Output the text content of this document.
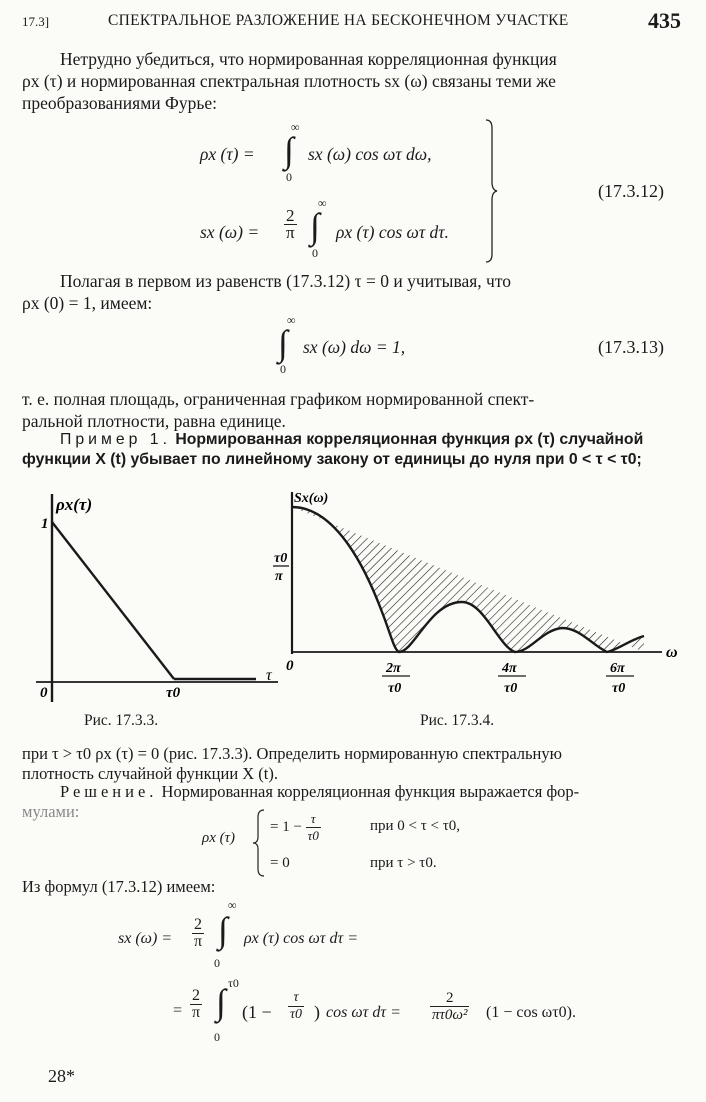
17.3]	СПЕКТРАЛЬНОЕ РАЗЛОЖЕНИЕ НА БЕСКОНЕЧНОМ УЧАСТКЕ	435
Нетрудно убедиться, что нормированная корреляционная функция
ρx (τ) и нормированная спектральная плотность sx (ω) связаны теми же
преобразованиями Фурье:
ρx (τ) =
∞
∫
0
sx (ω) cos ωτ dω,
sx $(\omega) = \frac{2}{\pi}$
∞
∫
0
ρx (τ) cos ωτ dτ.
(17.3.12)
Полагая в первом из равенств (17.3.12) τ = 0 и учитывая, что
ρx (0) = 1, имеем:
∞
∫
0
sx (ω) dω = 1,	(17.3.13)
т. е. полная площадь, ограниченная графиком нормированной спект-
ральной плотности, равна единице.
Пример 1. Нормированная корреляционная функция ρx (τ) случайной
функции X (t) убывает по линейному закону от единицы до нуля при 0 < τ < τ0;
ρx(τ)
1
0	τ0
τ
Рис. 17.3.3.
Sx(ω)
τ0
π
0	2π
τ0
4π
τ0
6π
τ0
ω
Рис. 17.3.4.
при τ > τ0 ρx (τ) = 0 (рис. 17.3.3). Определить нормированную спектральную
плотность случайной функции X (t).
Решение. Нормированная корреляционная функция выражается фор-
мулами:
ρx (τ)
= $1 - \frac{\tau}{\tau 0}$	при 0 < τ < τ0,
= 0	при τ > τ0.
Из формул (17.3.12) имеем:
sx $(\omega) = \frac{2}{\pi}$
∞
∫
0
ρx (τ) cos ωτ dτ =
= $\frac{2}{\pi}$
τ0
∫
0
($1 - \frac{\tau}{\tau 0}$ ) cos ωτ $d\tau = \frac{2}{\text{πτ0ω²}} (1 - \cos \omega\tau 0)$.
28*
